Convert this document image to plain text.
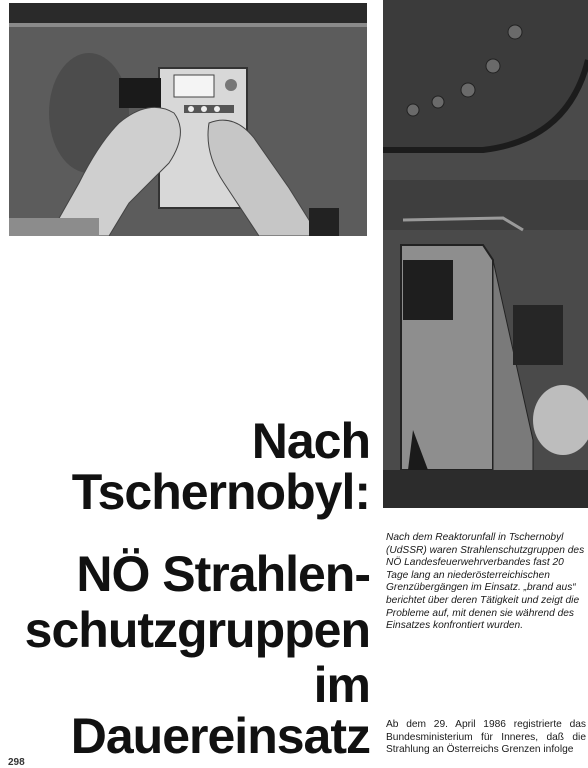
Nach
Tschernobyl:
NÖ Strahlen-
schutzgruppen
im
Dauereinsatz
Nach dem Reaktorunfall in Tschernobyl (UdSSR) waren Strahlenschutzgruppen des NÖ Landesfeuerwehrverbandes fast 20 Tage lang an niederösterreichischen Grenzübergängen im Einsatz. „brand aus“ berichtet über deren Tätigkeit und zeigt die Probleme auf, mit denen sie während des Einsatzes konfrontiert wurden.
Ab dem 29. April 1986 registrierte das Bundesministerium für Inneres, daß die Strahlung an Österreichs Grenzen infolge
298
